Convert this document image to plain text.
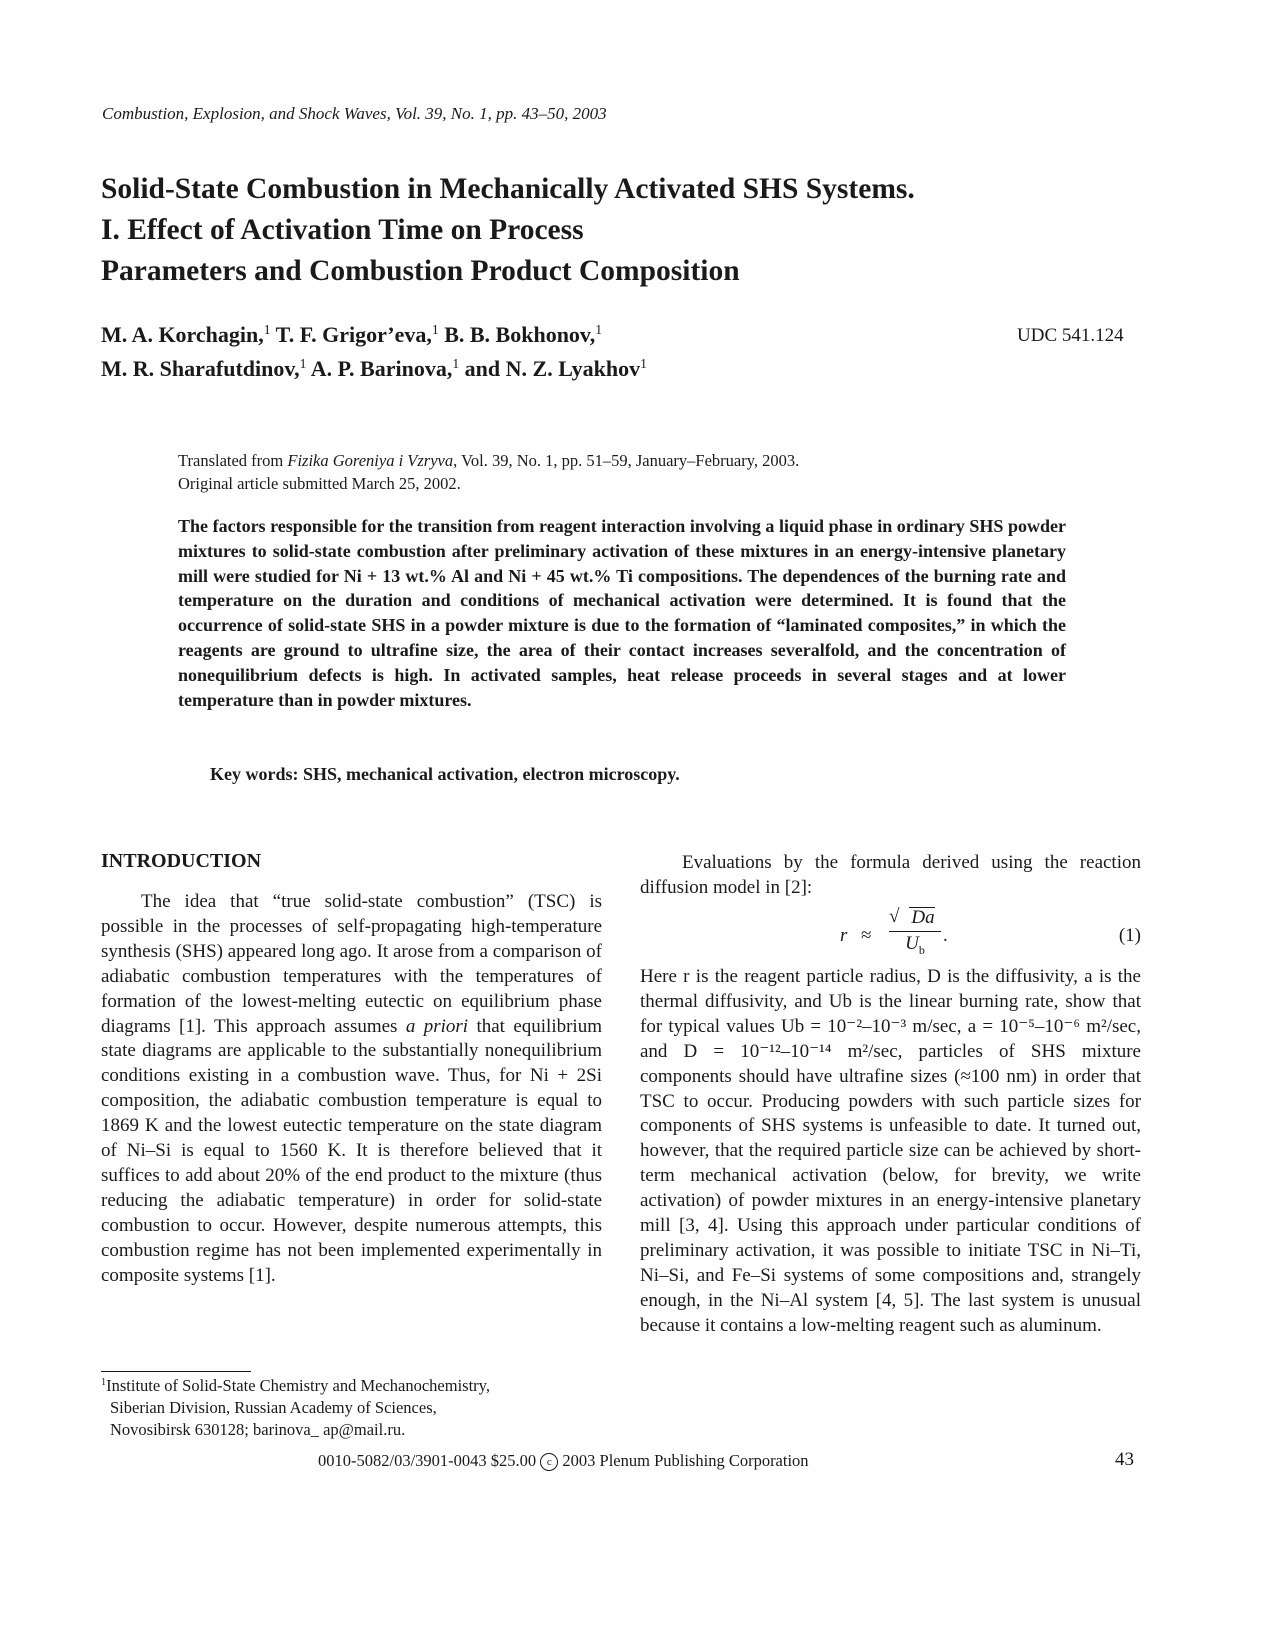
Combustion, Explosion, and Shock Waves, Vol. 39, No. 1, pp. 43–50, 2003
Solid-State Combustion in Mechanically Activated SHS Systems.
I. Effect of Activation Time on Process
Parameters and Combustion Product Composition
M. A. Korchagin,$^1$ T. F. Grigor’eva,$^1$ B. B. Bokhonov,$^1$
M. R. Sharafutdinov,$^1$ A. P. Barinova,$^1$ and N. Z. Lyakhov$^1$
UDC 541.124
Translated from Fizika Goreniya i Vzryva, Vol. 39, No. 1, pp. 51–59, January–February, 2003.
Original article submitted March 25, 2002.
The factors responsible for the transition from reagent interaction involving a liquid phase in ordinary SHS powder mixtures to solid-state combustion after preliminary activation of these mixtures in an energy-intensive planetary mill were studied for Ni + 13 wt.% Al and Ni + 45 wt.% Ti compositions. The dependences of the burning rate and temperature on the duration and conditions of mechanical activation were determined. It is found that the occurrence of solid-state SHS in a powder mixture is due to the formation of “laminated composites,” in which the reagents are ground to ultrafine size, the area of their contact increases severalfold, and the concentration of nonequilibrium defects is high. In activated samples, heat release proceeds in several stages and at lower temperature than in powder mixtures.
Key words: SHS, mechanical activation, electron microscopy.
INTRODUCTION
The idea that “true solid-state combustion” (TSC) is possible in the processes of self-propagating high-temperature synthesis (SHS) appeared long ago. It arose from a comparison of adiabatic combustion temperatures with the temperatures of formation of the lowest-melting eutectic on equilibrium phase diagrams [1]. This approach assumes a priori that equilibrium state diagrams are applicable to the substantially nonequilibrium conditions existing in a combustion wave. Thus, for Ni + 2Si composition, the adiabatic combustion temperature is equal to 1869 K and the lowest eutectic temperature on the state diagram of Ni–Si is equal to 1560 K. It is therefore believed that it suffices to add about 20% of the end product to the mixture (thus reducing the adiabatic temperature) in order for solid-state combustion to occur. However, despite numerous attempts, this combustion regime has not been implemented experimentally in composite systems [1].
$^1$Institute of Solid-State Chemistry and Mechanochemistry,
Siberian Division, Russian Academy of Sciences,
Novosibirsk 630128; barinova_ ap@mail.ru.
Evaluations by the formula derived using the reaction diffusion model in [2]:
$r \approx \frac{√ Da}{U_b}$ .	(1)
Here r is the reagent particle radius, D is the diffusivity, a is the thermal diffusivity, and Ub is the linear burning rate, show that for typical values Ub = 10⁻²–10⁻³ m/sec, a = 10⁻⁵–10⁻⁶ m²/sec, and D = 10⁻¹²–10⁻¹⁴ m²/sec, particles of SHS mixture components should have ultrafine sizes (≈100 nm) in order that TSC to occur. Producing powders with such particle sizes for components of SHS systems is unfeasible to date. It turned out, however, that the required particle size can be achieved by short-term mechanical activation (below, for brevity, we write activation) of powder mixtures in an energy-intensive planetary mill [3, 4]. Using this approach under particular conditions of preliminary activation, it was possible to initiate TSC in Ni–Ti, Ni–Si, and Fe–Si systems of some compositions and, strangely enough, in the Ni–Al system [4, 5]. The last system is unusual because it contains a low-melting reagent such as aluminum.
0010-5082/03/3901-0043 $25.00 c 2003 Plenum Publishing Corporation	43
